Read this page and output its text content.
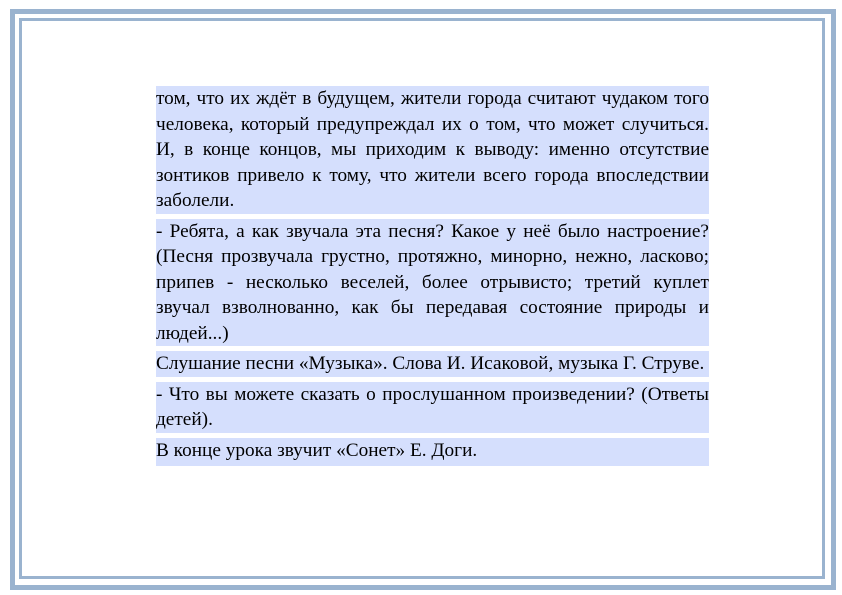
том, что их ждёт в будущем, жители города считают чудаком того человека, который предупреждал их о том, что может случиться. И, в конце концов, мы приходим к выводу: именно отсутствие зонтиков привело к тому, что жители всего города впоследствии заболели.

- Ребята, а как звучала эта песня? Какое у неё было настроение? (Песня прозвучала грустно, протяжно, минорно, нежно, ласково; припев - несколько веселей, более отрывисто; третий куплет звучал взволнованно, как бы передавая состояние природы и людей...)

Слушание песни «Музыка». Слова И. Исаковой, музыка Г. Струве.

- Что вы можете сказать о прослушанном произведении? (Ответы детей).

В конце урока звучит «Сонет» Е. Доги.
